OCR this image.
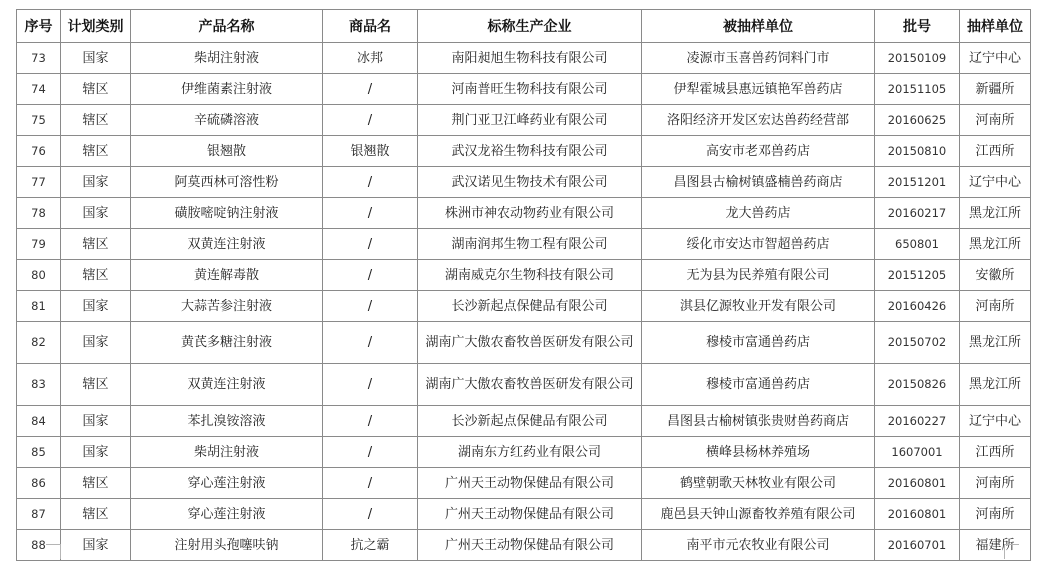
序号	计划类别	产品名称	商品名	标称生产企业	被抽样单位	批号	抽样单位
73	国家	柴胡注射液	冰邦	南阳昶旭生物科技有限公司	凌源市玉喜兽药饲料门市	20150109	辽宁中心
74	辖区	伊维菌素注射液	/	河南普旺生物科技有限公司	伊犁霍城县惠远镇艳军兽药店	20151105	新疆所
75	辖区	辛硫磷溶液	/	荆门亚卫江峰药业有限公司	洛阳经济开发区宏达兽药经营部	20160625	河南所
76	辖区	银翘散	银翘散	武汉龙裕生物科技有限公司	高安市老邓兽药店	20150810	江西所
77	国家	阿莫西林可溶性粉	/	武汉诺见生物技术有限公司	昌图县古榆树镇盛楠兽药商店	20151201	辽宁中心
78	国家	磺胺嘧啶钠注射液	/	株洲市神农动物药业有限公司	龙大兽药店	20160217	黑龙江所
79	辖区	双黄连注射液	/	湖南润邦生物工程有限公司	绥化市安达市智超兽药店	650801	黑龙江所
80	辖区	黄连解毒散	/	湖南威克尔生物科技有限公司	无为县为民养殖有限公司	20151205	安徽所
81	国家	大蒜苦参注射液	/	长沙新起点保健品有限公司	淇县亿源牧业开发有限公司	20160426	河南所
82	国家	黄芪多糖注射液	/	湖南广大傲农畜牧兽医研发有限公司	穆棱市富通兽药店	20150702	黑龙江所
83	辖区	双黄连注射液	/	湖南广大傲农畜牧兽医研发有限公司	穆棱市富通兽药店	20150826	黑龙江所
84	国家	苯扎溴铵溶液	/	长沙新起点保健品有限公司	昌图县古榆树镇张贵财兽药商店	20160227	辽宁中心
85	国家	柴胡注射液	/	湖南东方红药业有限公司	横峰县杨林养殖场	1607001	江西所
86	辖区	穿心莲注射液	/	广州天王动物保健品有限公司	鹤壁朝歌天林牧业有限公司	20160801	河南所
87	辖区	穿心莲注射液	/	广州天王动物保健品有限公司	鹿邑县天钟山源畜牧养殖有限公司	20160801	河南所
88	国家	注射用头孢噻呋钠	抗之霸	广州天王动物保健品有限公司	南平市元农牧业有限公司	20160701	福建所
